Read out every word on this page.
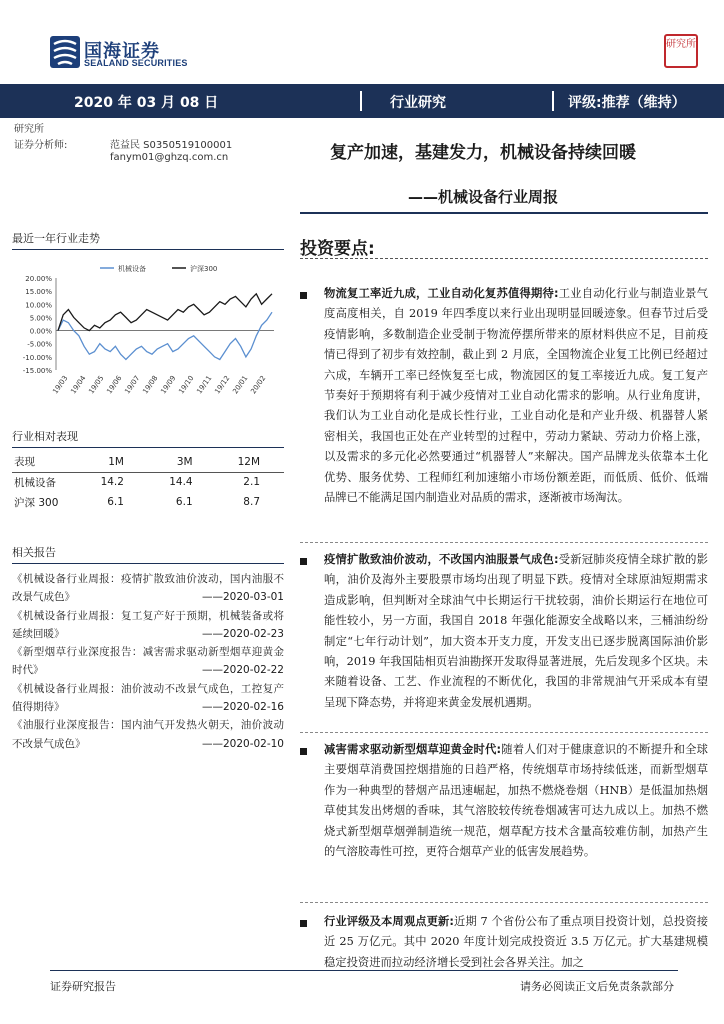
国海证券
SEALAND SECURITIES
研究所
2020 年 03 月 08 日	行业研究	评级:推荐（维持）
研究所
证券分析师:	范益民 S0350519100001
fanym01@ghzq.com.cn	复产加速，基建发力，机械设备持续回暖
——机械设备行业周报
最近一年行业走势
20.00%
15.00%
10.00%
5.00%
0.00%
-5.00%
-10.00%
-15.00%
19/03 19/04 19/05 19/06 19/07 19/08 19/09 19/10 19/11 19/12 20/01 20/02
机械设备	沪深300
行业相对表现
表现	1M	3M	12M
机械设备	14.2	14.4	2.1
沪深 300	6.1	6.1	8.7
相关报告
《机械设备行业周报：疫情扩散致油价波动，国内油服不改景气成色》	——2020-03-01
《机械设备行业周报：复工复产好于预期，机械装备或将延续回暖》	——2020-02-23
《新型烟草行业深度报告：减害需求驱动新型烟草迎黄金时代》	——2020-02-22
《机械设备行业周报：油价波动不改景气成色，工控复产值得期待》	——2020-02-16
《油服行业深度报告：国内油气开发热火朝天，油价波动不改景气成色》	——2020-02-10
投资要点:
物流复工率近九成，工业自动化复苏值得期待:工业自动化行业与制造业景气度高度相关，自 2019 年四季度以来行业出现明显回暖迹象。但春节过后受疫情影响，多数制造企业受制于物流停摆所带来的原材料供应不足，目前疫情已得到了初步有效控制，截止到 2 月底，全国物流企业复工比例已经超过六成，车辆开工率已经恢复至七成，物流园区的复工率接近九成。复工复产节奏好于预期将有利于减少疫情对工业自动化需求的影响。从行业角度讲，我们认为工业自动化是成长性行业，工业自动化是和产业升级、机器替人紧密相关，我国也正处在产业转型的过程中，劳动力紧缺、劳动力价格上涨，以及需求的多元化必然要通过“机器替人”来解决。国产品牌龙头依靠本土化优势、服务优势、工程师红利加速缩小市场份额差距，而低质、低价、低端品牌已不能满足国内制造业对品质的需求，逐渐被市场淘汰。
疫情扩散致油价波动，不改国内油服景气成色:受新冠肺炎疫情全球扩散的影响，油价及海外主要股票市场均出现了明显下跌。疫情对全球原油短期需求造成影响，但判断对全球油气中长期运行干扰较弱，油价长期运行在地位可能性较小，另一方面，我国自 2018 年强化能源安全战略以来，三桶油纷纷制定“七年行动计划”，加大资本开支力度，开发支出已逐步脱离国际油价影响，2019 年我国陆相页岩油勘探开发取得显著进展，先后发现多个区块。未来随着设备、工艺、作业流程的不断优化，我国的非常规油气开采成本有望呈现下降态势，并将迎来黄金发展机遇期。
减害需求驱动新型烟草迎黄金时代:随着人们对于健康意识的不断提升和全球主要烟草消费国控烟措施的日趋严格，传统烟草市场持续低迷，而新型烟草作为一种典型的替烟产品迅速崛起，加热不燃烧卷烟（HNB）是低温加热烟草使其发出烤烟的香味，其气溶胶较传统卷烟减害可达九成以上。加热不燃烧式新型烟草烟弹制造统一规范，烟草配方技术含量高较难仿制，加热产生的气溶胶毒性可控，更符合烟草产业的低害发展趋势。
行业评级及本周观点更新:近期 7 个省份公布了重点项目投资计划，总投资接近 25 万亿元。其中 2020 年度计划完成投资近 3.5 万亿元。扩大基建规模稳定投资进而拉动经济增长受到社会各界关注。加之
证券研究报告	请务必阅读正文后免责条款部分
